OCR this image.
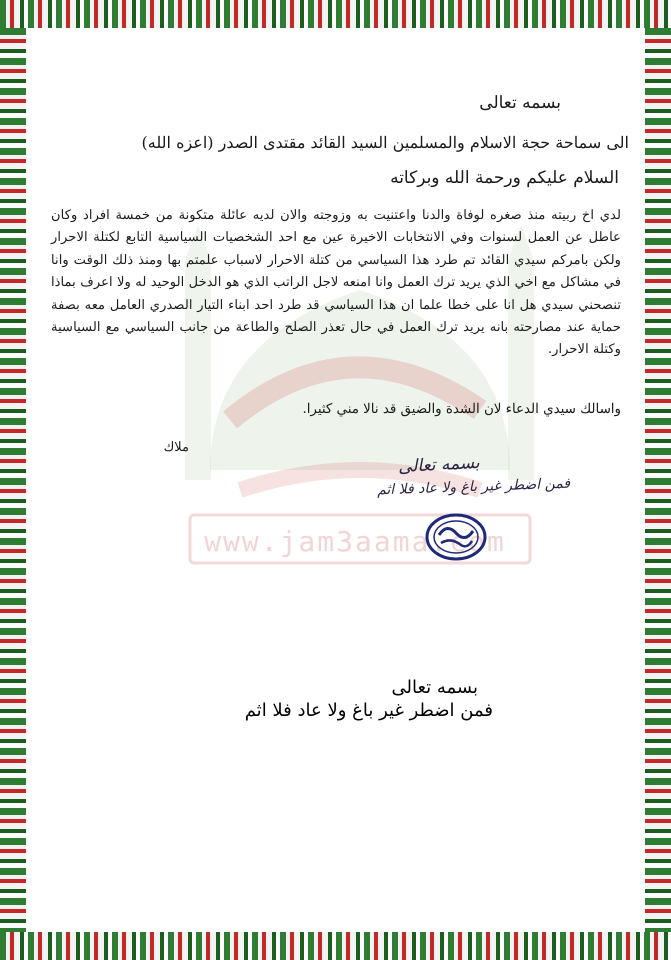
www.jam3aama.com
بسمه تعالى
الى سماحة حجة الاسلام والمسلمين السيد القائد مقتدى الصدر (اعزه الله)
السلام عليكم ورحمة الله وبركاته
لدي اخ ربيته منذ صغره لوفاة والدنا واعتنيت به وزوجته والان لديه عائلة متكونة من خمسة افراد وكان عاطل عن العمل لسنوات وفي الانتخابات الاخيرة عين مع احد الشخصيات السياسية التابع لكتلة الاحرار ولكن بامركم سيدي القائد تم طرد هذا السياسي من كتلة الاحرار لاسباب علمتم بها ومنذ ذلك الوقت وانا في مشاكل مع اخي الذي يريد ترك العمل وانا امنعه لاجل الراتب الذي هو الدخل الوحيد له ولا اعرف بماذا تنصحني سيدي هل انا على خطا علما ان هذا السياسي قد طرد احد ابناء التيار الصدري العامل معه بصفة حماية عند مصارحته بانه يريد ترك العمل في حال تعذر الصلح والطاعة من جانب السياسي مع السياسية وكتلة الاحرار.
واسالك سيدي الدعاء لان الشدة والضيق قد نالا مني كثيرا.
ملاك
بسمه تعالى
فمن اضطر غير باغ ولا عاد فلا اثم
بسمه تعالى
فمن اضطر غير باغ ولا عاد فلا اثم
